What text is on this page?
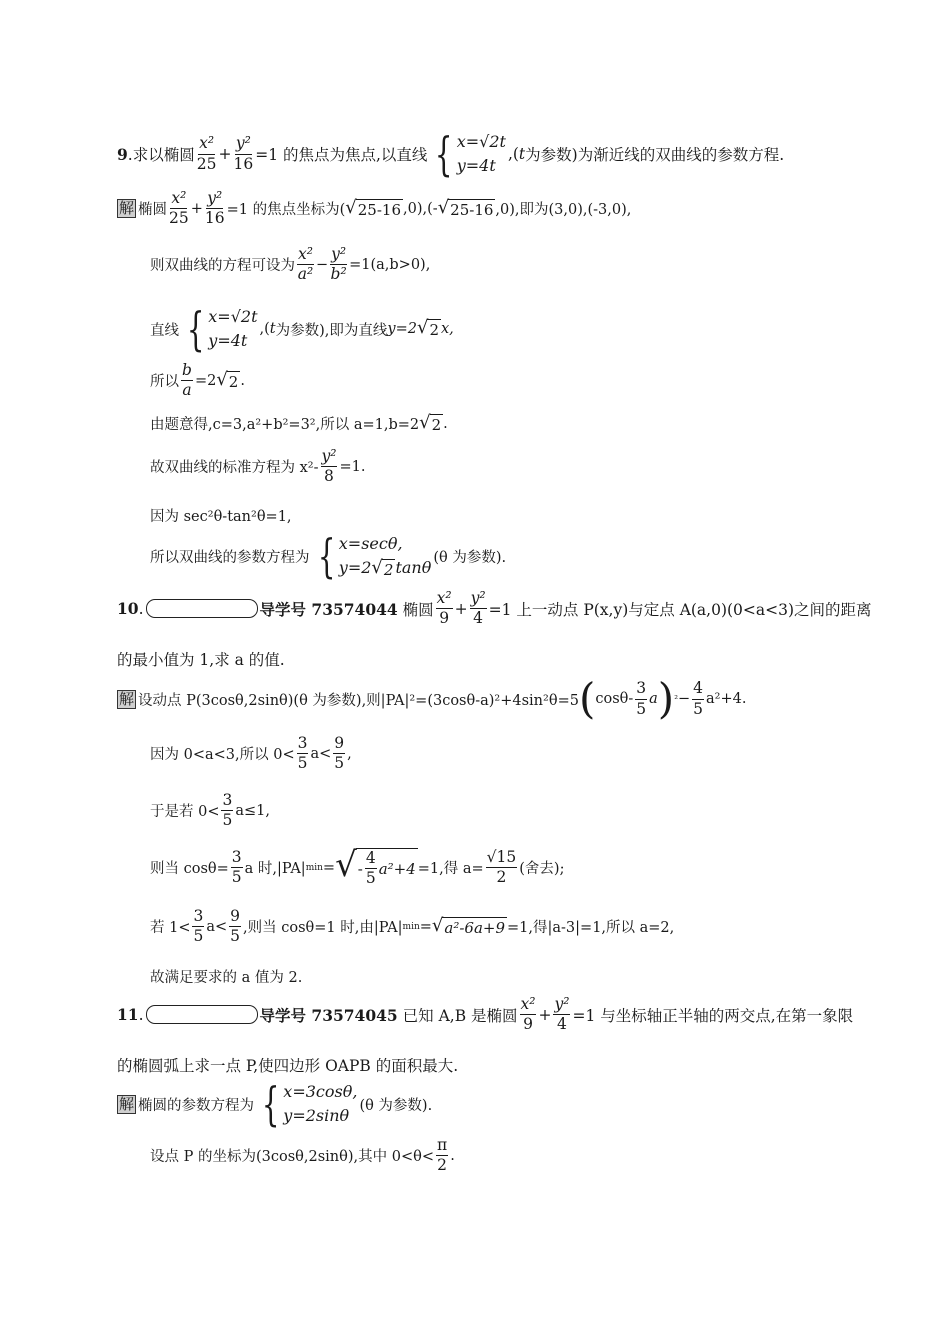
9 .求以椭圆 $\frac{\text{x²}}{25} + \frac{\text{y²}}{16} =1$ 的焦点为焦点,以直线 { x=√2t
y=4t
,( t 为参数)为渐近线的双曲线的参数方程.
解 椭圆 $\frac{\text{x²}}{25} + \frac{\text{y²}}{16} =1$ 的焦点坐标为( √ 25-16 ,0),(- √ 25-16 ,0),即为(3,0),(-3,0),
则双曲线的方程可设为 $\frac{\text{x²}}{\text{a²}} - \frac{\text{y²}}{\text{b²}} =1(a,b>0)$,
直线 { x=√2t
y=4t
,( t 为参数),即为直线 y=2 √ 2 x,
所以 $\frac{b}{a} =2$ √ 2 .
由题意得,c=3,a²+b²=3²,所以 a=1,b=2 √ 2 .
故双曲线的标准方程为 $x^2- \frac{\text{y²}}{8} =1$.
因为 sec²θ-tan²θ=1,
所以双曲线的参数方程为 { x=secθ,
y=2 √ 2 tanθ
(θ 为参数).
10 .	导学号 73574044
椭圆 $\frac{\text{x²}}{9} + \frac{\text{y²}}{4} =1$ 上一动点 P(x,y)与定点 A(a,0)(0<a<3)之间的距离
的最小值为 1,求 a 的值.
解 设动点 P(3cosθ,2sinθ)(θ 为参数),则|PA|²=(3cosθ-a)²+4sin²θ=5 ( $\cos\theta- \frac{3}{5}$ a ) $^2 - \frac{4}{5} a^2+4$.
因为 0<a<3,所以 $0< \frac{3}{5} a< \frac{9}{5}$ ,
于是若 $0< \frac{3}{5} a\le 1$,
则当 $\cos\theta= \frac{3}{5}$ a 时,|PA| min = √ - $\frac{4}{5} a^2+4 =1$,得 $a= \frac{√15}{2}$ (舍去);
若 $1< \frac{3}{5} a< \frac{9}{5}$ ,则当 cosθ=1 时,由|PA| min = √ a²-6a+9 =1,得|a-3|=1,所以 a=2,
故满足要求的 a 值为 2.
11 .	导学号 73574045
已知 A,B 是椭圆 $\frac{\text{x²}}{9} + \frac{\text{y²}}{4} =1$ 与坐标轴正半轴的两交点,在第一象限
的椭圆弧上求一点 P,使四边形 OAPB 的面积最大.
解 椭圆的参数方程为 { x=3cosθ,
y=2sinθ
(θ 为参数).
设点 P 的坐标为(3cosθ,2sinθ),其中 $0<\theta< \frac{\pi}{2}$ .
